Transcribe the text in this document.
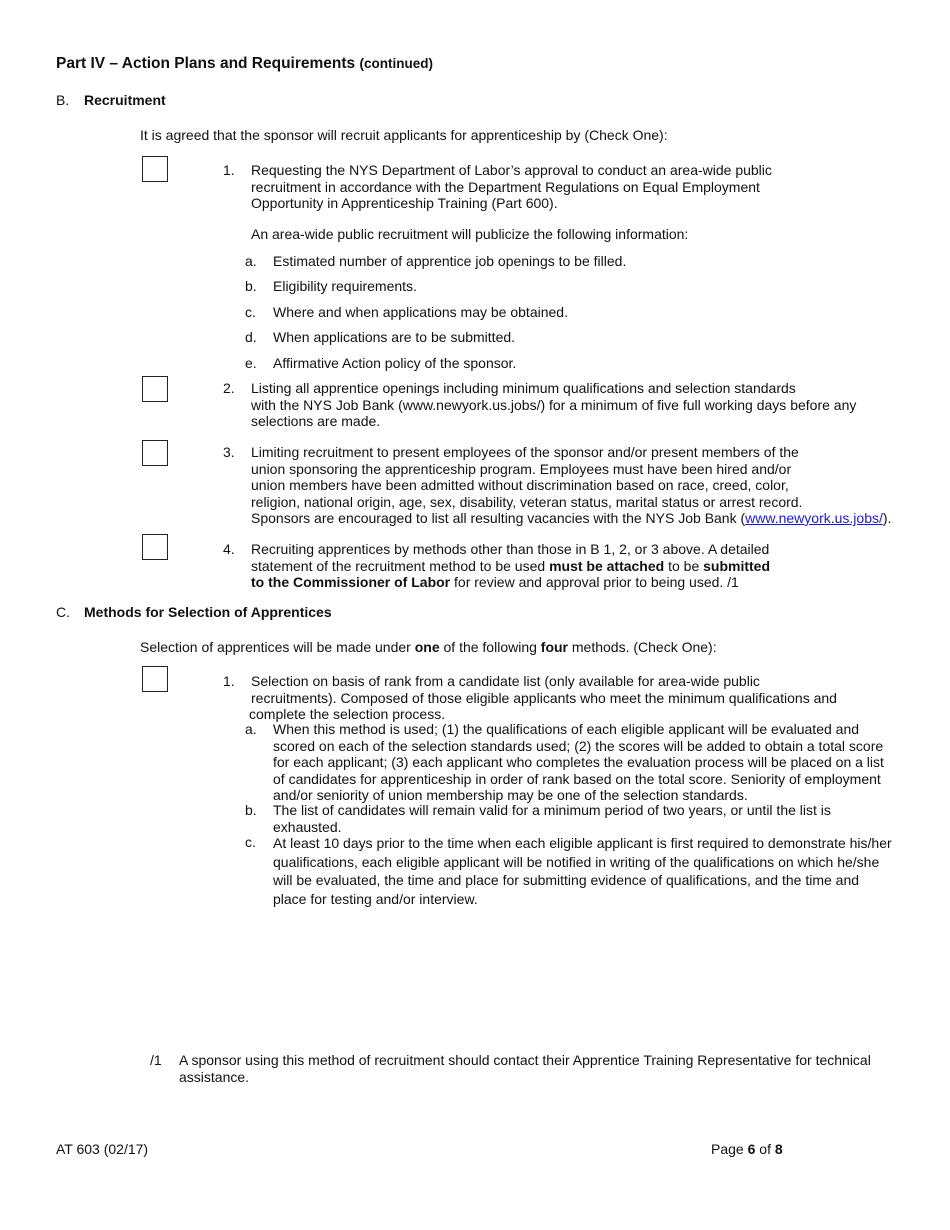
Part IV – Action Plans and Requirements (continued)
B. Recruitment
It is agreed that the sponsor will recruit applicants for apprenticeship by (Check One):
1. Requesting the NYS Department of Labor’s approval to conduct an area-wide public
recruitment in accordance with the Department Regulations on Equal Employment
Opportunity in Apprenticeship Training (Part 600).
An area-wide public recruitment will publicize the following information:
a. Estimated number of apprentice job openings to be filled.
b. Eligibility requirements.
c. Where and when applications may be obtained.
d. When applications are to be submitted.
e. Affirmative Action policy of the sponsor.
2. Listing all apprentice openings including minimum qualifications and selection standards
with the NYS Job Bank (www.newyork.us.jobs/) for a minimum of five full working days before any
selections are made.
3. Limiting recruitment to present employees of the sponsor and/or present members of the
union sponsoring the apprenticeship program. Employees must have been hired and/or
union members have been admitted without discrimination based on race, creed, color,
religion, national origin, age, sex, disability, veteran status, marital status or arrest record.
Sponsors are encouraged to list all resulting vacancies with the NYS Job Bank (www.newyork.us.jobs/).
4. Recruiting apprentices by methods other than those in B 1, 2, or 3 above. A detailed
statement of the recruitment method to be used must be attached to be submitted
to the Commissioner of Labor for review and approval prior to being used. /1
C. Methods for Selection of Apprentices
Selection of apprentices will be made under one of the following four methods. (Check One):
1. Selection on basis of rank from a candidate list (only available for area-wide public
recruitments). Composed of those eligible applicants who meet the minimum qualifications and
complete the selection process.
a. When this method is used; (1) the qualifications of each eligible applicant will be evaluated and
scored on each of the selection standards used; (2) the scores will be added to obtain a total score
for each applicant; (3) each applicant who completes the evaluation process will be placed on a list
of candidates for apprenticeship in order of rank based on the total score. Seniority of employment
and/or seniority of union membership may be one of the selection standards.
b. The list of candidates will remain valid for a minimum period of two years, or until the list is
exhausted.
c. At least 10 days prior to the time when each eligible applicant is first required to demonstrate his/her
qualifications, each eligible applicant will be notified in writing of the qualifications on which he/she
will be evaluated, the time and place for submitting evidence of qualifications, and the time and
place for testing and/or interview.
/1 A sponsor using this method of recruitment should contact their Apprentice Training Representative for technical
assistance.
AT 603 (02/17)	Page 6 of 8
